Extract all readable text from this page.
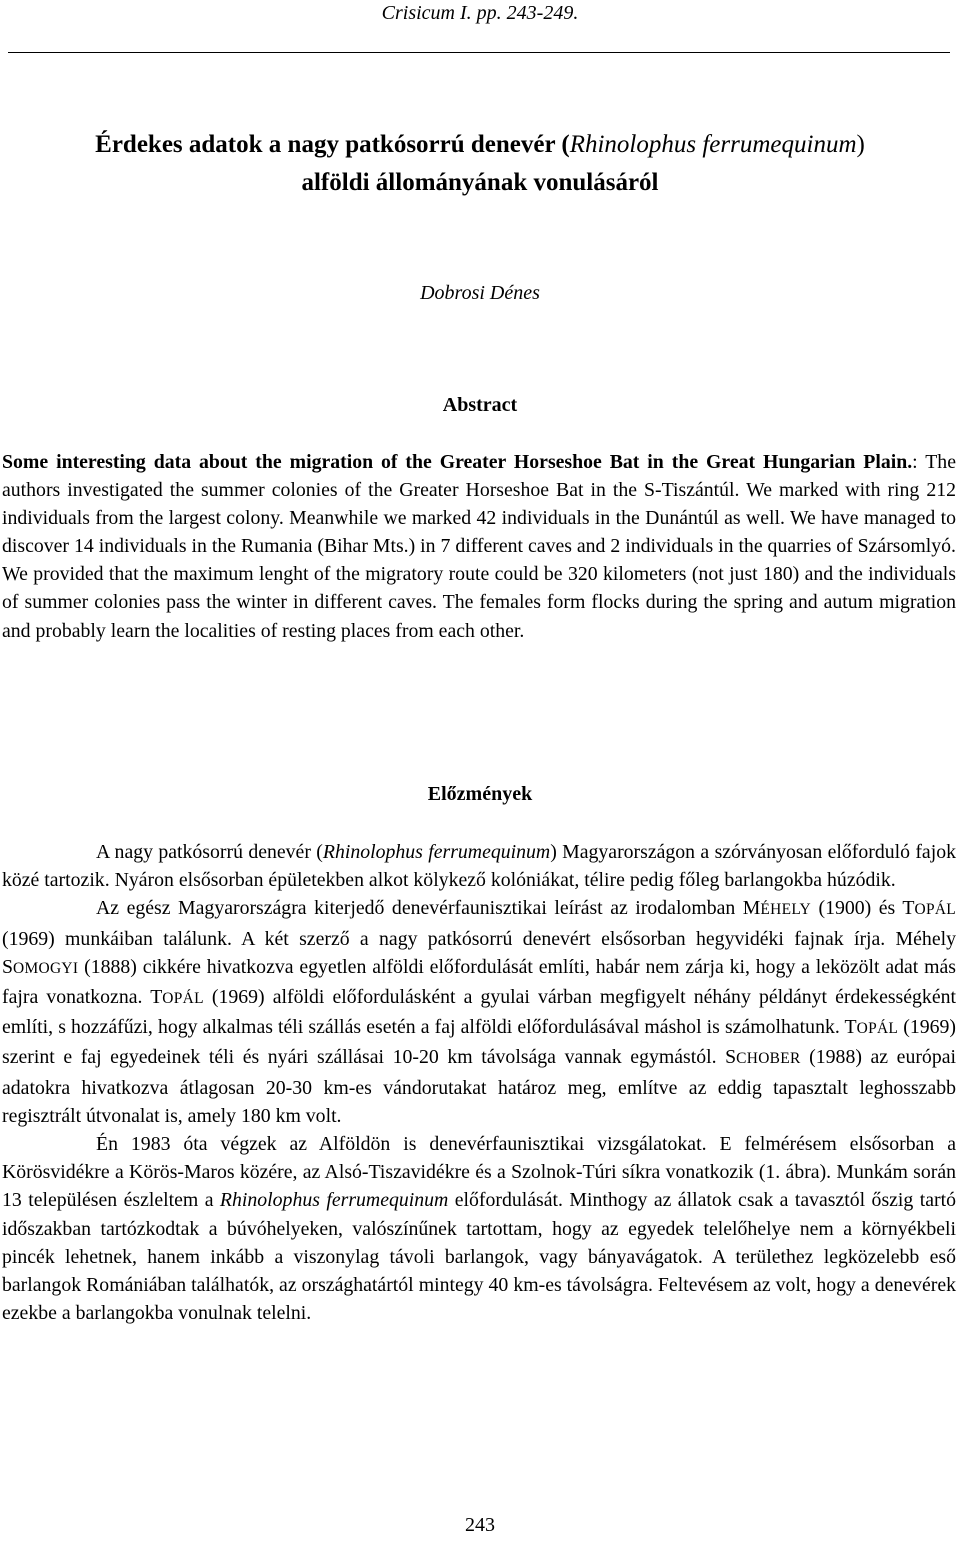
Crisicum I. pp. 243-249.
Érdekes adatok a nagy patkósorrú denevér (Rhinolophus ferrumequinum)
alföldi állományának vonulásáról
Dobrosi Dénes
Abstract
Some interesting data about the migration of the Greater Horseshoe Bat in the Great Hungarian Plain.: The authors investigated the summer colonies of the Greater Horseshoe Bat in the S-Tiszántúl. We marked with ring 212 individuals from the largest colony. Meanwhile we marked 42 individuals in the Dunántúl as well. We have managed to discover 14 individuals in the Rumania (Bihar Mts.) in 7 different caves and 2 individuals in the quarries of Szársomlyó. We provided that the maximum lenght of the migratory route could be 320 kilometers (not just 180) and the individuals of summer colonies pass the winter in different caves. The females form flocks during the spring and autum migration and probably learn the localities of resting places from each other.
Előzmények

A nagy patkósorrú denevér (Rhinolophus ferrumequinum) Magyarországon a szórványosan előforduló fajok közé tartozik. Nyáron elsősorban épületekben alkot kölykező kolóniákat, télire pedig főleg barlangokba húzódik.

Az egész Magyarországra kiterjedő denevérfaunisztikai leírást az irodalomban MÉHELY (1900) és TOPÁL (1969) munkáiban találunk. A két szerző a nagy patkósorrú denevért elsősorban hegyvidéki fajnak írja. Méhely SOMOGYI (1888) cikkére hivatkozva egyetlen alföldi előfordulását említi, habár nem zárja ki, hogy a leközölt adat más fajra vonatkozna. TOPÁL (1969) alföldi előfordulásként a gyulai várban megfigyelt néhány példányt érdekességként említi, s hozzáfűzi, hogy alkalmas téli szállás esetén a faj alföldi előfordulásával máshol is számolhatunk. TOPÁL (1969) szerint e faj egyedeinek téli és nyári szállásai 10-20 km távolsága vannak egymástól. SCHOBER (1988) az európai adatokra hivatkozva átlagosan 20-30 km-es vándorutakat határoz meg, említve az eddig tapasztalt leghosszabb regisztrált útvonalat is, amely 180 km volt.

Én 1983 óta végzek az Alföldön is denevérfaunisztikai vizsgálatokat. E felmérésem elsősorban a Körösvidékre a Körös-Maros közére, az Alsó-Tiszavidékre és a Szolnok-Túri síkra vonatkozik (1. ábra). Munkám során 13 településen észleltem a Rhinolophus ferrumequinum előfordulását. Minthogy az állatok csak a tavasztól őszig tartó időszakban tartózkodtak a búvóhelyeken, valószínűnek tartottam, hogy az egyedek telelőhelye nem a környékbeli pincék lehetnek, hanem inkább a viszonylag távoli barlangok, vagy bányavágatok. A területhez legközelebb eső barlangok Romániában találhatók, az országhatártól mintegy 40 km-es távolságra. Feltevésem az volt, hogy a denevérek ezekbe a barlangokba vonulnak telelni.

243
